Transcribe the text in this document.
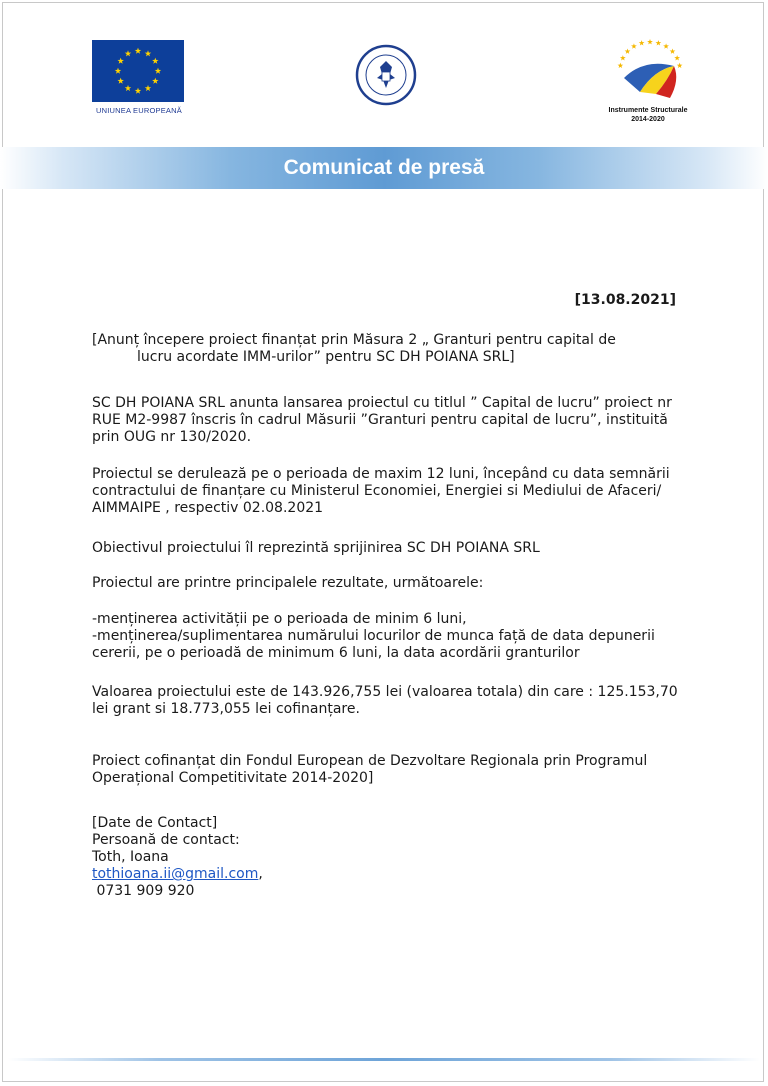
UNIUNEA EUROPEANĂ	Instrumente Structurale
2014-2020
Comunicat de presă
[13.08.2021]
[Anunț începere proiect finanțat prin Măsura 2 „ Granturi pentru capital de
lucru acordate IMM-urilor” pentru SC DH POIANA SRL]
SC DH POIANA SRL anunta lansarea proiectul cu titlul ” Capital de lucru” proiect nr
RUE M2-9987 înscris în cadrul Măsurii ”Granturi pentru capital de lucru”, instituită
prin OUG nr 130/2020.
Proiectul se derulează pe o perioada de maxim 12 luni, începând cu data semnării
contractului de finanțare cu Ministerul Economiei, Energiei si Mediului de Afaceri/
AIMMAIPE , respectiv 02.08.2021
Obiectivul proiectului îl reprezintă sprijinirea SC DH POIANA SRL
Proiectul are printre principalele rezultate, următoarele:
-menținerea activității pe o perioada de minim 6 luni,
-menținerea/suplimentarea numărului locurilor de munca față de data depunerii
cererii, pe o perioadă de minimum 6 luni, la data acordării granturilor
Valoarea proiectului este de 143.926,755 lei (valoarea totala) din care : 125.153,70
lei grant si 18.773,055 lei cofinanțare.
Proiect cofinanțat din Fondul European de Dezvoltare Regionala prin Programul
Operațional Competitivitate 2014-2020]
[Date de Contact]
Persoană de contact:
Toth, Ioana
tothioana.ii@gmail.com,
0731 909 920
